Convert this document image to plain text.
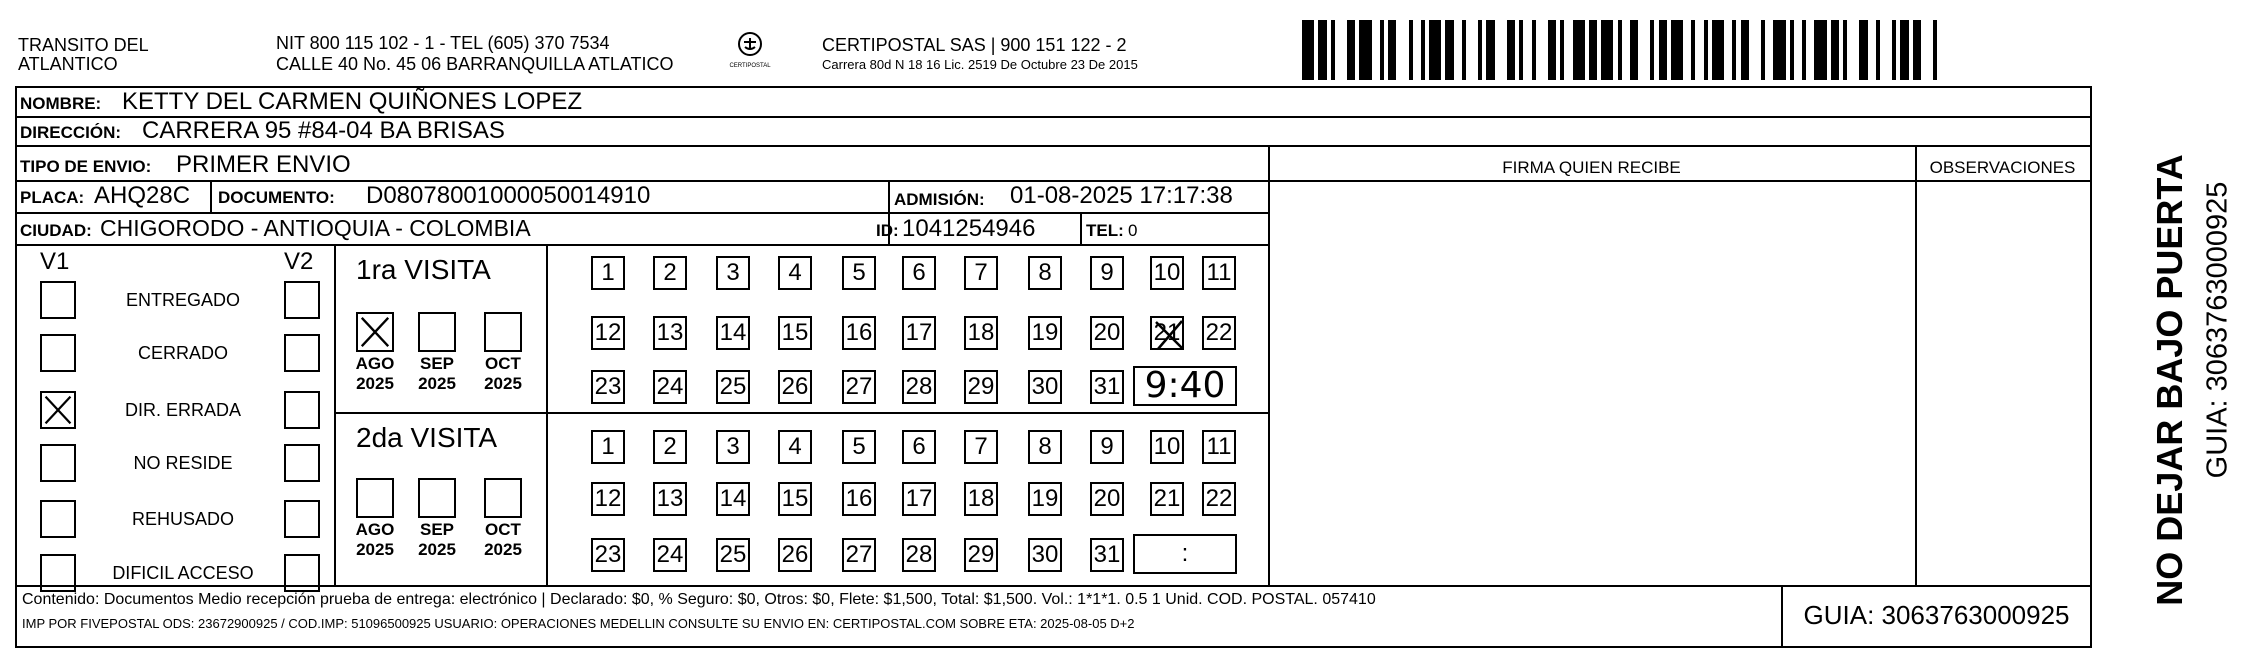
TRANSITO DEL
ATLANTICO
NIT 800 115 102 - 1 - TEL (605) 370 7534
CALLE 40 No. 45 06 BARRANQUILLA ATLATICO	CERTIPOSTAL
CERTIPOSTAL SAS | 900 151 122 - 2
Carrera 80d N 18 16 Lic. 2519 De Octubre 23 De 2015
NOMBRE: KETTY DEL CARMEN QUIÑONES LOPEZ
DIRECCIÓN: CARRERA 95 #84-04 BA BRISAS
TIPO DE ENVIO: PRIMER ENVIO	FIRMA QUIEN RECIBE	OBSERVACIONES
PLACA: AHQ28C DOCUMENTO: D08078001000050014910	ADMISIÓN: 01-08-2025 17:17:38
CIUDAD: CHIGORODO - ANTIOQUIA - COLOMBIA	ID: 1041254946	TEL: 0
V1	V2
ENTREGADO
CERRADO
DIR. ERRADA
NO RESIDE
REHUSADO
DIFICIL ACCESO
1ra VISITA
AGO
2025
SEP
2025
OCT
2025
1	2	3	4	5	6	7	8	9	10 11
12 13 14 15 16 17 18 19 20 21 22
23 24 25 26 27 28 29 30 31 9:40
2da VISITA
AGO
2025
SEP
2025
OCT
2025
1	2	3	4	5	6	7	8	9	10 11
12 13 14 15 16 17 18 19 20 21 22
23 24 25 26 27 28 29 30 31	:
Contenido: Documentos Medio recepción prueba de entrega: electrónico | Declarado: $0, % Seguro: $0, Otros: $0, Flete: $1,500, Total: $1,500. Vol.: 1*1*1. 0.5 1 Unid. COD. POSTAL. 057410
IMP POR FIVEPOSTAL ODS: 23672900925 / COD.IMP: 51096500925 USUARIO: OPERACIONES MEDELLIN CONSULTE SU ENVIO EN: CERTIPOSTAL.COM SOBRE ETA: 2025-08-05 D+2	GUIA: 3063763000925
NO DEJAR BAJO PUERTA GUIA: 3063763000925
